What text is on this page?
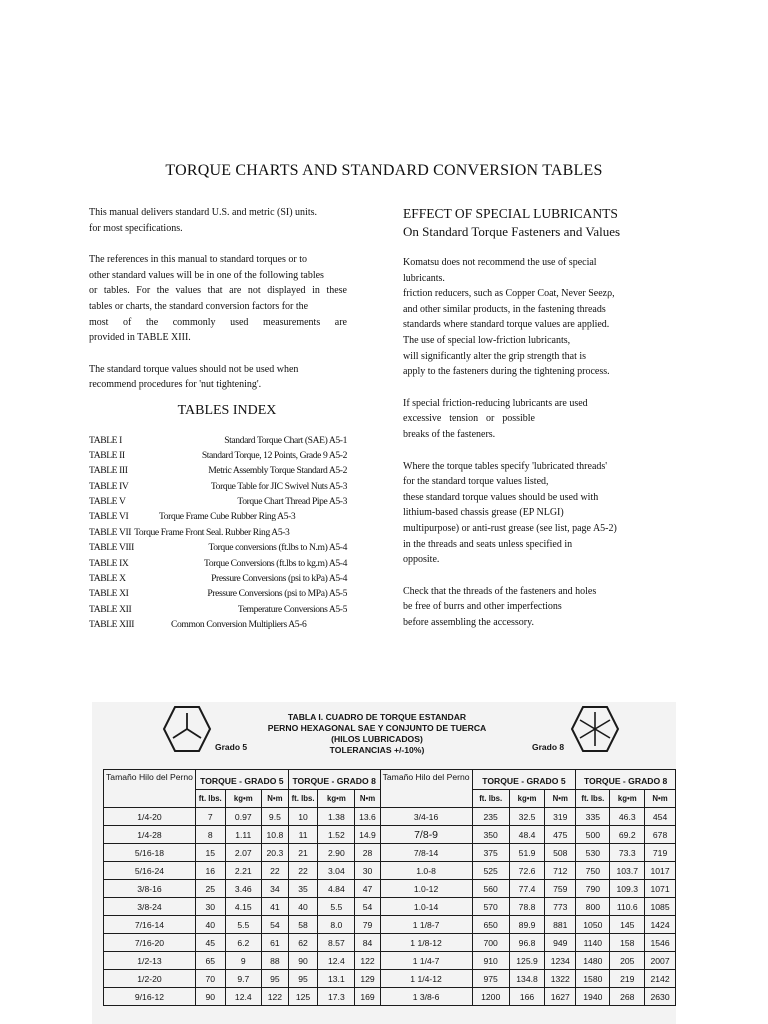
TORQUE CHARTS AND STANDARD CONVERSION TABLES
This manual delivers standard U.S. and metric (SI) units.
for most specifications.

The references in this manual to standard torques or to

other standard values will be in one of the following tables

or tables. For the values that are not displayed in these

tables or charts, the standard conversion factors for the

most of the commonly used measurements are

provided in TABLE XIII.

The standard torque values should not be used when
recommend procedures for 'nut tightening'.
TABLES INDEX
TABLE I	Standard Torque Chart (SAE) A5-1
TABLE II	Standard Torque, 12 Points, Grade 9 A5-2
TABLE III	Metric Assembly Torque Standard A5-2
TABLE IV	Torque Table for JIC Swivel Nuts A5-3
TABLE V	Torque Chart Thread Pipe A5-3
TABLE VI	Torque Frame Cube Rubber Ring A5-3
TABLE VII Torque Frame Front Seal. Rubber Ring A5-3
TABLE VIII	Torque conversions (ft.lbs to N.m) A5-4
TABLE IX	Torque Conversions (ft.lbs to kg.m) A5-4
TABLE X	Pressure Conversions (psi to kPa) A5-4
TABLE XI	Pressure Conversions (psi to MPa) A5-5
TABLE XII	Temperature Conversions A5-5
TABLE XIII	Common Conversion Multipliers A5-6
EFFECT OF SPECIAL LUBRICANTS
On Standard Torque Fasteners and Values
Komatsu does not recommend the use of special lubricants.
friction reducers, such as Copper Coat, Never Seezρ,
and other similar products, in the fastening threads
standards where standard torque values are applied.
The use of special low-friction lubricants,
will significantly alter the grip strength that is
apply to the fasteners during the tightening process.
If special friction-reducing lubricants are used
excessive tension or possible
breaks of the fasteners.
Where the torque tables specify 'lubricated threads'
for the standard torque values listed,
these standard torque values should be used with
lithium-based chassis grease (EP NLGI)
multipurpose) or anti-rust grease (see list, page A5-2)
in the threads and seats unless specified in
opposite.
Check that the threads of the fasteners and holes
be free of burrs and other imperfections
before assembling the accessory.
Grado 5	Grado 8
TABLA I. CUADRO DE TORQUE ESTANDAR
PERNO HEXAGONAL SAE Y CONJUNTO DE TUERCA
(HILOS LUBRICADOS)
TOLERANCIAS +/-10%)
Tamaño Hilo del Perno	TORQUE - GRADO 5			TORQUE - GRADO 8			Tamaño Hilo del Perno	TORQUE - GRADO 5			TORQUE - GRADO 8		
	ft. lbs.	kg•m	N•m	ft. lbs.	kg•m	N•m		ft. lbs.	kg•m	N•m	ft. lbs.	kg•m	N•m
1/4-20	7	0.97	9.5	10	1.38	13.6	3/4-16	235	32.5	319	335	46.3	454
1/4-28	8	1.11	10.8	11	1.52	14.9	7/8-9	350	48.4	475	500	69.2	678
5/16-18	15	2.07	20.3	21	2.90	28	7/8-14	375	51.9	508	530	73.3	719
5/16-24	16	2.21	22	22	3.04	30	1.0-8	525	72.6	712	750	103.7	1017
3/8-16	25	3.46	34	35	4.84	47	1.0-12	560	77.4	759	790	109.3	1071
3/8-24	30	4.15	41	40	5.5	54	1.0-14	570	78.8	773	800	110.6	1085
7/16-14	40	5.5	54	58	8.0	79	1 1/8-7	650	89.9	881	1050	145	1424
7/16-20	45	6.2	61	62	8.57	84	1 1/8-12	700	96.8	949	1140	158	1546
1/2-13	65	9	88	90	12.4	122	1 1/4-7	910	125.9	1234	1480	205	2007
1/2-20	70	9.7	95	95	13.1	129	1 1/4-12	975	134.8	1322	1580	219	2142
9/16-12	90	12.4	122	125	17.3	169	1 3/8-6	1200	166	1627	1940	268	2630
